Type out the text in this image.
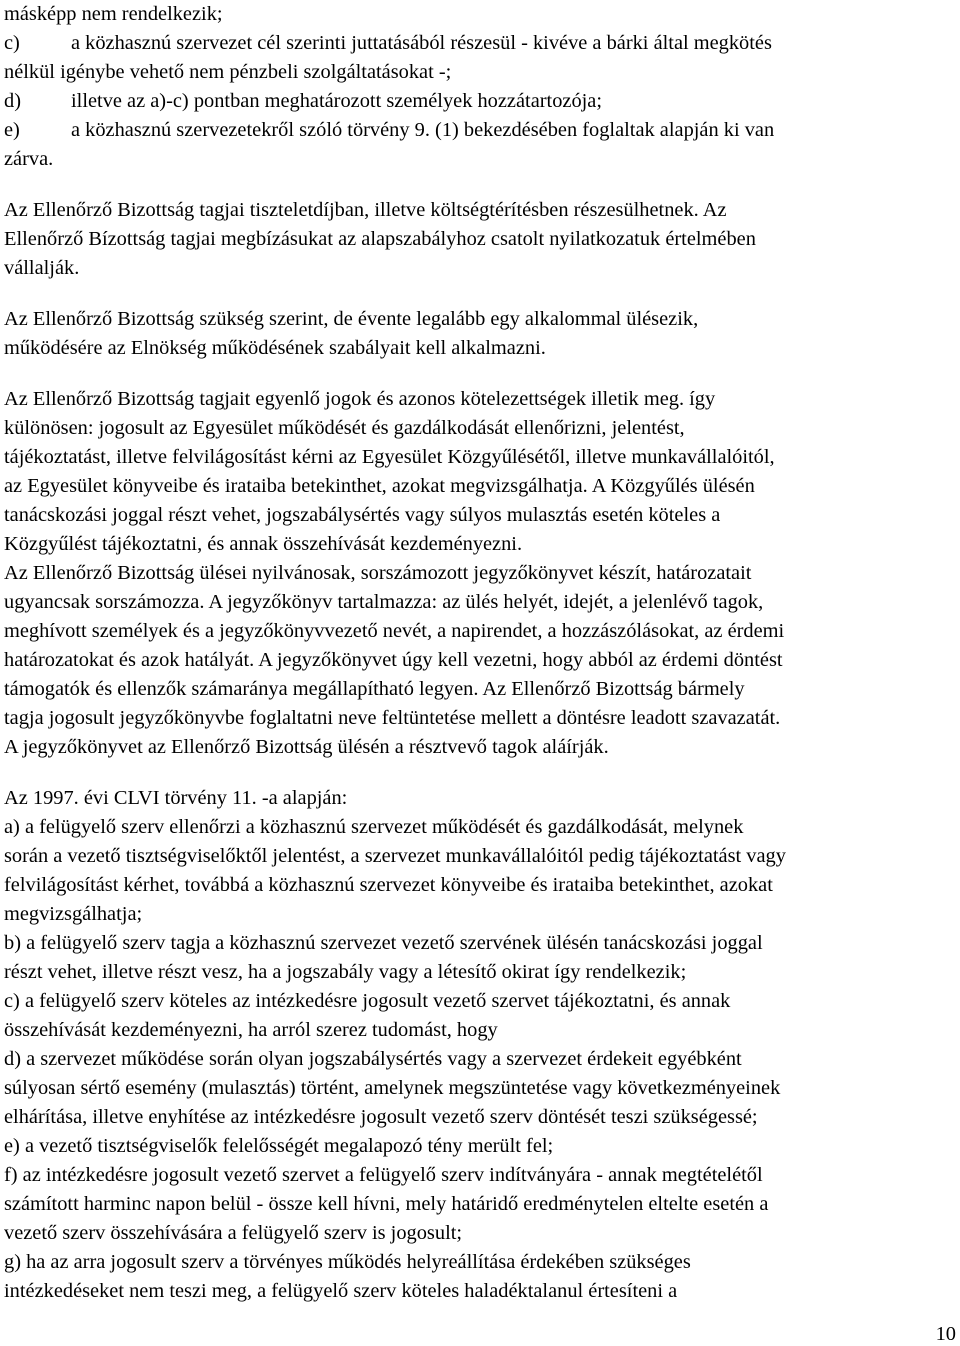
másképp nem rendelkezik;
c)	a közhasznú szervezet cél szerinti juttatásából részesül - kivéve a bárki által megkötés
nélkül igénybe vehető nem pénzbeli szolgáltatásokat -;
d) illetve az a)-c) pontban meghatározott személyek hozzátartozója;
e)	a közhasznú szervezetekről szóló törvény 9. (1) bekezdésében foglaltak alapján ki van
zárva.
Az Ellenőrző Bizottság tagjai tiszteletdíjban, illetve költségtérítésben részesülhetnek. Az
Ellenőrző Bízottság tagjai megbízásukat az alapszabályhoz csatolt nyilatkozatuk értelmében
vállalják.
Az Ellenőrző Bizottság szükség szerint, de évente legalább egy alkalommal ülésezik,
működésére az Elnökség működésének szabályait kell alkalmazni.
Az Ellenőrző Bizottság tagjait egyenlő jogok és azonos kötelezettségek illetik meg. így
különösen: jogosult az Egyesület működését és gazdálkodását ellenőrizni, jelentést,
tájékoztatást, illetve felvilágosítást kérni az Egyesület Közgyűlésétől, illetve munkavállalóitól,
az Egyesület könyveibe és irataiba betekinthet, azokat megvizsgálhatja. A Közgyűlés ülésén
tanácskozási joggal részt vehet, jogszabálysértés vagy súlyos mulasztás esetén köteles a
Közgyűlést tájékoztatni, és annak összehívását kezdeményezni.
Az Ellenőrző Bizottság ülései nyilvánosak, sorszámozott jegyzőkönyvet készít, határozatait
ugyancsak sorszámozza. A jegyzőkönyv tartalmazza: az ülés helyét, idejét, a jelenlévő tagok,
meghívott személyek és a jegyzőkönyvvezető nevét, a napirendet, a hozzászólásokat, az érdemi
határozatokat és azok hatályát. A jegyzőkönyvet úgy kell vezetni, hogy abból az érdemi döntést
támogatók és ellenzők számaránya megállapítható legyen. Az Ellenőrző Bizottság bármely
tagja jogosult jegyzőkönyvbe foglaltatni neve feltüntetése mellett a döntésre leadott szavazatát.
A jegyzőkönyvet az Ellenőrző Bizottság ülésén a résztvevő tagok aláírják.
Az 1997. évi CLVI törvény 11. -a alapján:
a) a felügyelő szerv ellenőrzi a közhasznú szervezet működését és gazdálkodását, melynek
során a vezető tisztségviselőktől jelentést, a szervezet munkavállalóitól pedig tájékoztatást vagy
felvilágosítást kérhet, továbbá a közhasznú szervezet könyveibe és irataiba betekinthet, azokat
megvizsgálhatja;
b) a felügyelő szerv tagja a közhasznú szervezet vezető szervének ülésén tanácskozási joggal
részt vehet, illetve részt vesz, ha a jogszabály vagy a létesítő okirat így rendelkezik;
c) a felügyelő szerv köteles az intézkedésre jogosult vezető szervet tájékoztatni, és annak
összehívását kezdeményezni, ha arról szerez tudomást, hogy
d) a szervezet működése során olyan jogszabálysértés vagy a szervezet érdekeit egyébként
súlyosan sértő esemény (mulasztás) történt, amelynek megszüntetése vagy következményeinek
elhárítása, illetve enyhítése az intézkedésre jogosult vezető szerv döntését teszi szükségessé;
e) a vezető tisztségviselők felelősségét megalapozó tény merült fel;
f) az intézkedésre jogosult vezető szervet a felügyelő szerv indítványára - annak megtételétől
számított harminc napon belül - össze kell hívni, mely határidő eredménytelen eltelte esetén a
vezető szerv összehívására a felügyelő szerv is jogosult;
g) ha az arra jogosult szerv a törvényes működés helyreállítása érdekében szükséges
intézkedéseket nem teszi meg, a felügyelő szerv köteles haladéktalanul értesíteni a
10
